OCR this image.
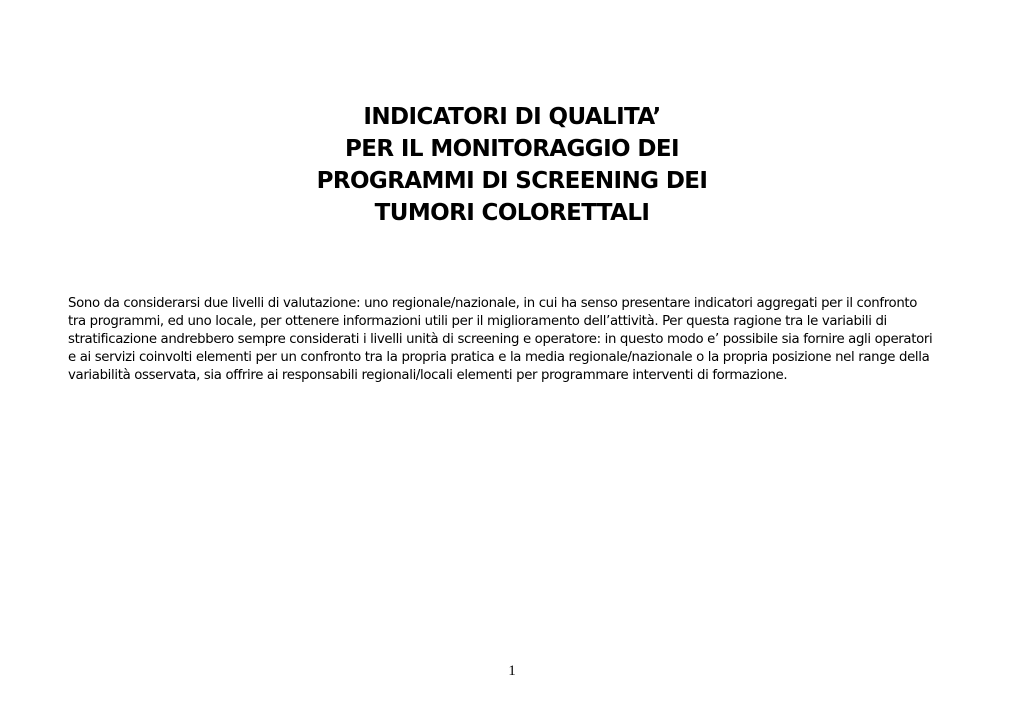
INDICATORI DI QUALITA’
PER IL MONITORAGGIO DEI
PROGRAMMI DI SCREENING DEI
TUMORI COLORETTALI
Sono da considerarsi due livelli di valutazione: uno regionale/nazionale, in cui ha senso presentare indicatori aggregati per il confronto
tra programmi, ed uno locale, per ottenere informazioni utili per il miglioramento dell’attività. Per questa ragione tra le variabili di
stratificazione andrebbero sempre considerati i livelli unità di screening e operatore: in questo modo e’ possibile sia fornire agli operatori
e ai servizi coinvolti elementi per un confronto tra la propria pratica e la media regionale/nazionale o la propria posizione nel range della
variabilità osservata, sia offrire ai responsabili regionali/locali elementi per programmare interventi di formazione.
1
